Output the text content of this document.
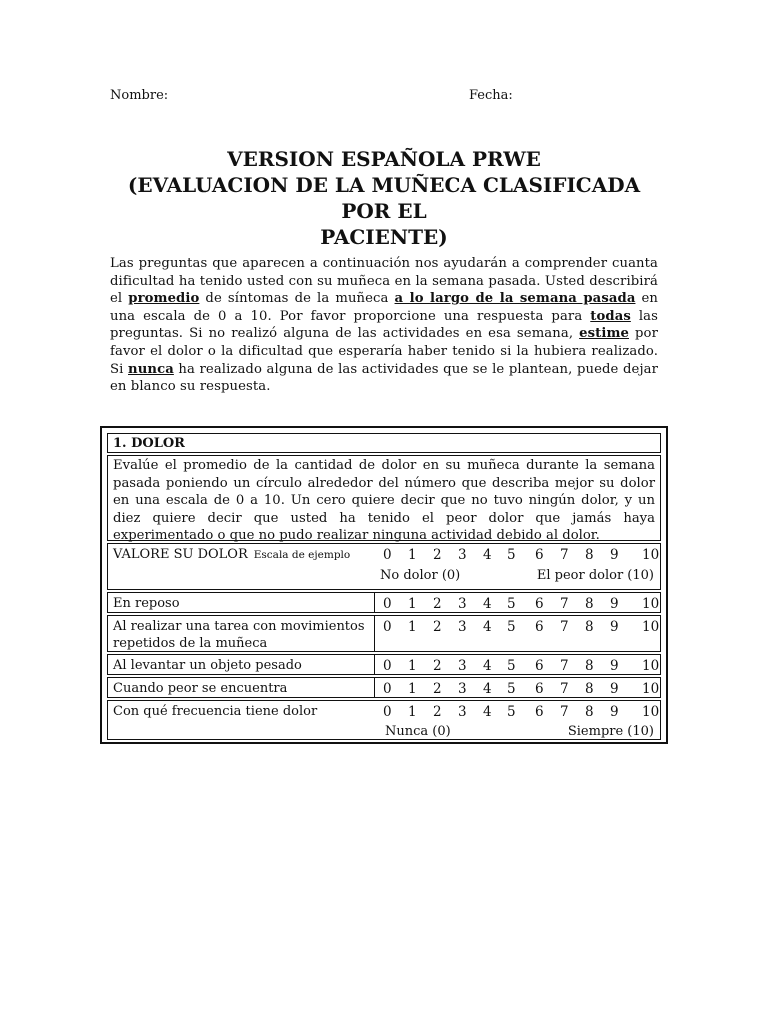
Nombre:	Fecha:
VERSION ESPAÑOLA PRWE
(EVALUACION DE LA MUÑECA CLASIFICADA POR EL
PACIENTE)
Las preguntas que aparecen a continuación nos ayudarán a comprender cuanta dificultad ha tenido usted con su muñeca en la semana pasada. Usted describirá el promedio de síntomas de la muñeca a lo largo de la semana pasada en una escala de 0 a 10. Por favor proporcione una respuesta para todas las preguntas. Si no realizó alguna de las actividades en esa semana, estime por favor el dolor o la dificultad que esperaría haber tenido si la hubiera realizado. Si nunca ha realizado alguna de las actividades que se le plantean, puede dejar en blanco su respuesta.
1. DOLOR
Evalúe el promedio de la cantidad de dolor en su muñeca durante la semana pasada poniendo un círculo alrededor del número que describa mejor su dolor en una escala de 0 a 10. Un cero quiere decir que no tuvo ningún dolor, y un diez quiere decir que usted ha tenido el peor dolor que jamás haya experimentado o que no pudo realizar ninguna actividad debido al dolor.
VALORE SU DOLOR Escala de ejemplo 0 1 2 3 4 5 6 7 8 9 10
No dolor (0)	El peor dolor (10)
En reposo	0 1 2 3 4 5 6 7 8 9 10
Al realizar una tarea con movimientos repetidos de la muñeca
0 1 2 3 4 5 6 7 8 9 10
Al levantar un objeto pesado	0 1 2 3 4 5 6 7 8 9 10
Cuando peor se encuentra	0 1 2 3 4 5 6 7 8 9 10
Con qué frecuencia tiene dolor	0 1 2 3 4 5 6 7 8 9 10
Nunca (0)	Siempre (10)
